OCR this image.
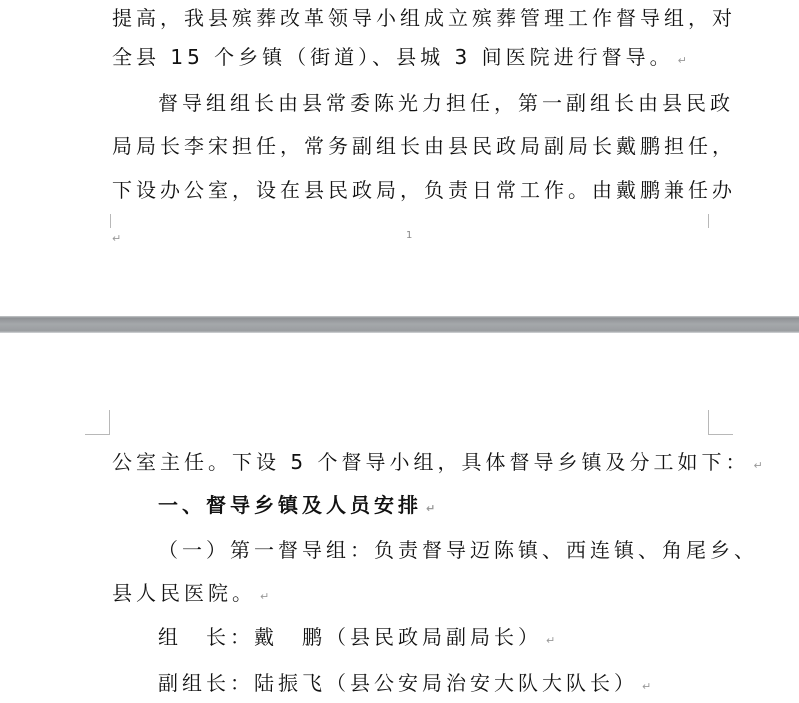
提高，我县殡葬改革领导小组成立殡葬管理工作督导组，对
全县 15 个乡镇（街道）、县城 3 间医院进行督导。 ↵
督导组组长由县常委陈光力担任，第一副组长由县民政
局局长李宋担任，常务副组长由县民政局副局长戴鹏担任，
下设办公室，设在县民政局，负责日常工作。由戴鹏兼任办
↵	1
公室主任。下设 5 个督导小组，具体督导乡镇及分工如下： ↵
一、督导乡镇及人员安排 ↵
（一）第一督导组：负责督导迈陈镇、西连镇、角尾乡、
县人民医院。 ↵
组　长：戴　鹏（县民政局副局长） ↵
副组长：陆振飞（县公安局治安大队大队长） ↵
